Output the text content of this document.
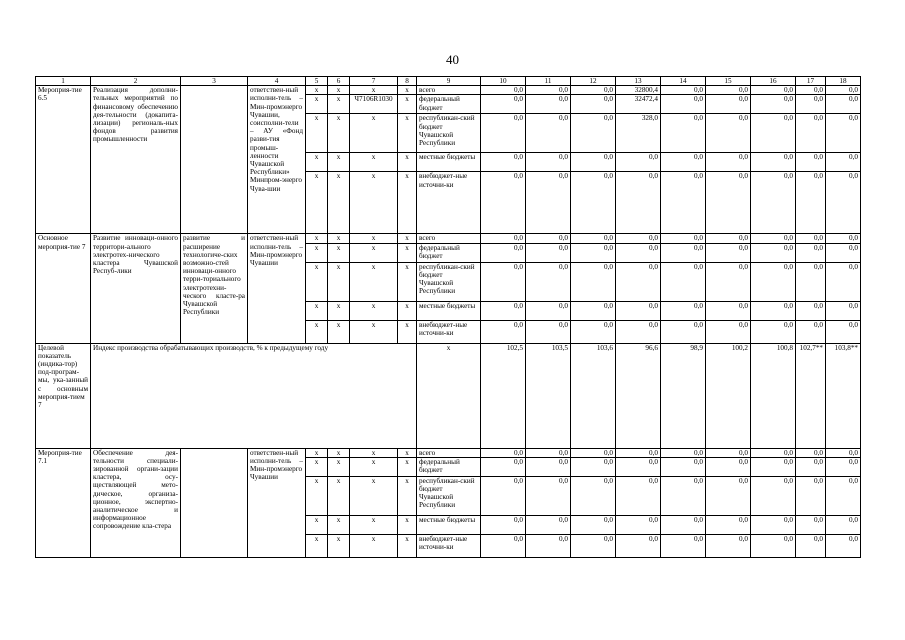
40
1	2	3	4	5	6	7	8	9	10	11	12	13	14	15	16	17	18
Мероприя-тие 6.5	Реализация дополни-тельных мероприятий по финансовому обеспечению дея-тельности (докапита-лизации) региональ-ных фондов развития промышленности		ответствен-ный исполни-тель – Мин-промэнерго Чувашии, соисполни-тели – АУ «Фонд разви-тия промыш-ленности Чувашской Республики» Минпром-энерго Чува-шии	x	x	x	x	всего	0,0	0,0	0,0	32800,4	0,0	0,0	0,0	0,0	0,0
				x	x	Ч7106R1030	x	федеральный бюджет	0,0	0,0	0,0	32472,4	0,0	0,0	0,0	0,0	0,0
				x	x	x	x	республикан-ский бюджет Чувашской Республики	0,0	0,0	0,0	328,0	0,0	0,0	0,0	0,0	0,0
				x	x	x	x	местные бюджеты	0,0	0,0	0,0	0,0	0,0	0,0	0,0	0,0	0,0
				x	x	x	x	внебюджет-ные источни-ки	0,0	0,0	0,0	0,0	0,0	0,0	0,0	0,0	0,0
Основное мероприя-тие 7	Развитие инноваци-онного территори-ального электротех-нического кластера Чувашской Респуб-лики	развитие и расширение технологиче-ских возможно-стей инноваци-онного терри-ториального электротехни-ческого класте-ра Чувашской Республики	ответствен-ный исполни-тель – Мин-промэнерго Чувашии	x	x	x	x	всего	0,0	0,0	0,0	0,0	0,0	0,0	0,0	0,0	0,0
				x	x	x	x	федеральный бюджет	0,0	0,0	0,0	0,0	0,0	0,0	0,0	0,0	0,0
				x	x	x	x	республикан-ский бюджет Чувашской Республики	0,0	0,0	0,0	0,0	0,0	0,0	0,0	0,0	0,0
				x	x	x	x	местные бюджеты	0,0	0,0	0,0	0,0	0,0	0,0	0,0	0,0	0,0
				x	x	x	x	внебюджет-ные источни-ки	0,0	0,0	0,0	0,0	0,0	0,0	0,0	0,0	0,0
Целевой показатель (индика-тор) под-програм-мы, ука-занный с основным мероприя-тием 7	Индекс производства обрабатывающих производств, % к предыдущему году							x	102,5	103,5	103,6	96,6	98,9	100,2	100,8	102,7**	103,8**
Мероприя-тие 7.1	Обеспечение дея-тельности специали-зированной органи-зации кластера, осу-ществляющей мето-дическое, организа-ционное, экспертно-аналитическое и информационное сопровождение кла-стера		ответствен-ный исполни-тель – Мин-промэнерго Чувашии	x	x	x	x	всего	0,0	0,0	0,0	0,0	0,0	0,0	0,0	0,0	0,0
				x	x	x	x	федеральный бюджет	0,0	0,0	0,0	0,0	0,0	0,0	0,0	0,0	0,0
				x	x	x	x	республикан-ский бюджет Чувашской Республики	0,0	0,0	0,0	0,0	0,0	0,0	0,0	0,0	0,0
				x	x	x	x	местные бюджеты	0,0	0,0	0,0	0,0	0,0	0,0	0,0	0,0	0,0
				x	x	x	x	внебюджет-ные источни-ки	0,0	0,0	0,0	0,0	0,0	0,0	0,0	0,0	0,0
